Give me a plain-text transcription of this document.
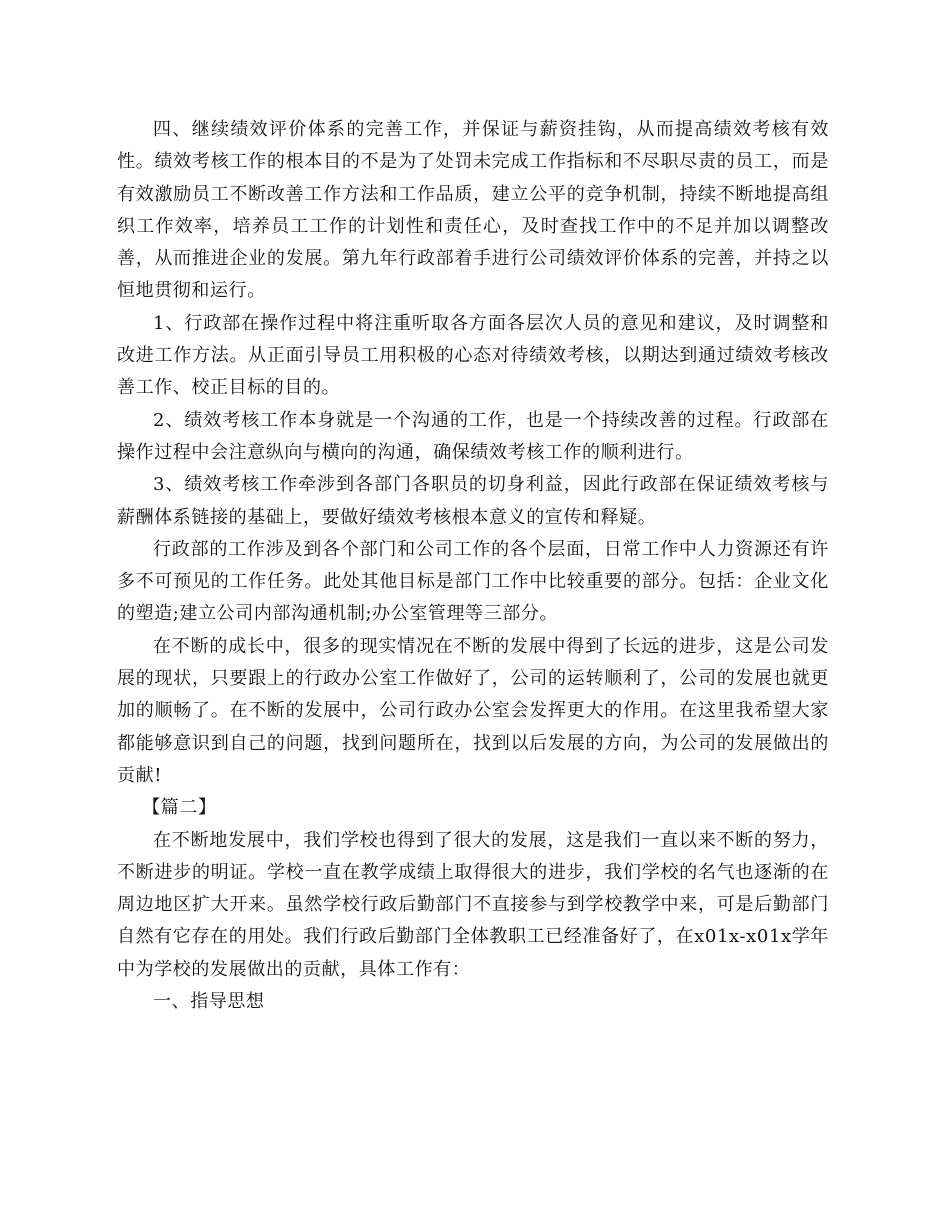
四、继续绩效评价体系的完善工作，并保证与薪资挂钩，从而提高绩效考核有效性。绩效考核工作的根本目的不是为了处罚未完成工作指标和不尽职尽责的员工，而是有效激励员工不断改善工作方法和工作品质，建立公平的竞争机制，持续不断地提高组织工作效率，培养员工工作的计划性和责任心，及时查找工作中的不足并加以调整改善，从而推进企业的发展。第九年行政部着手进行公司绩效评价体系的完善，并持之以恒地贯彻和运行。

1、行政部在操作过程中将注重听取各方面各层次人员的意见和建议，及时调整和改进工作方法。从正面引导员工用积极的心态对待绩效考核，以期达到通过绩效考核改善工作、校正目标的目的。

2、绩效考核工作本身就是一个沟通的工作，也是一个持续改善的过程。行政部在操作过程中会注意纵向与横向的沟通，确保绩效考核工作的顺利进行。

3、绩效考核工作牵涉到各部门各职员的切身利益，因此行政部在保证绩效考核与薪酬体系链接的基础上，要做好绩效考核根本意义的宣传和释疑。

行政部的工作涉及到各个部门和公司工作的各个层面，日常工作中人力资源还有许多不可预见的工作任务。此处其他目标是部门工作中比较重要的部分。包括：企业文化的塑造;建立公司内部沟通机制;办公室管理等三部分。

在不断的成长中，很多的现实情况在不断的发展中得到了长远的进步，这是公司发展的现状，只要跟上的行政办公室工作做好了，公司的运转顺利了，公司的发展也就更加的顺畅了。在不断的发展中，公司行政办公室会发挥更大的作用。在这里我希望大家都能够意识到自己的问题，找到问题所在，找到以后发展的方向，为公司的发展做出的贡献!

【篇二】

在不断地发展中，我们学校也得到了很大的发展，这是我们一直以来不断的努力，不断进步的明证。学校一直在教学成绩上取得很大的进步，我们学校的名气也逐渐的在周边地区扩大开来。虽然学校行政后勤部门不直接参与到学校教学中来，可是后勤部门自然有它存在的用处。我们行政后勤部门全体教职工已经准备好了，在x01x-x01x学年中为学校的发展做出的贡献，具体工作有：

一、指导思想
